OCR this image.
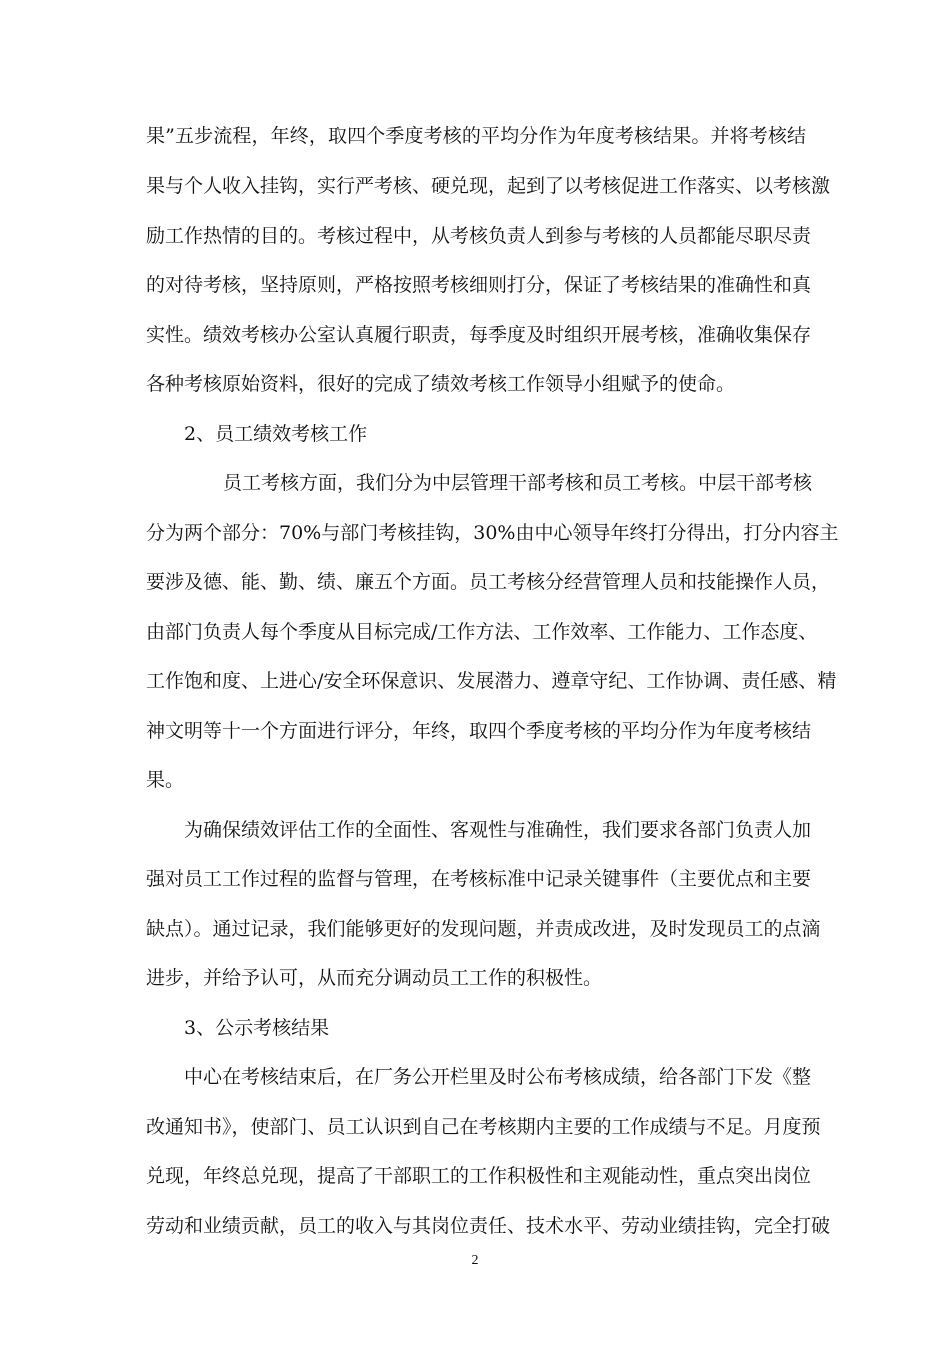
果”五步流程，年终，取四个季度考核的平均分作为年度考核结果。并将考核结
果与个人收入挂钩，实行严考核、硬兑现，起到了以考核促进工作落实、以考核激
励工作热情的目的。考核过程中，从考核负责人到参与考核的人员都能尽职尽责
的对待考核，坚持原则，严格按照考核细则打分，保证了考核结果的准确性和真
实性。绩效考核办公室认真履行职责，每季度及时组织开展考核，准确收集保存
各种考核原始资料，很好的完成了绩效考核工作领导小组赋予的使命。
2、员工绩效考核工作
员工考核方面，我们分为中层管理干部考核和员工考核。中层干部考核
分为两个部分：70%与部门考核挂钩，30%由中心领导年终打分得出，打分内容主
要涉及德、能、勤、绩、廉五个方面。员工考核分经营管理人员和技能操作人员，
由部门负责人每个季度从目标完成/工作方法、工作效率、工作能力、工作态度、
工作饱和度、上进心/安全环保意识、发展潜力、遵章守纪、工作协调、责任感、精
神文明等十一个方面进行评分，年终，取四个季度考核的平均分作为年度考核结
果。
为确保绩效评估工作的全面性、客观性与准确性，我们要求各部门负责人加
强对员工工作过程的监督与管理，在考核标准中记录关键事件（主要优点和主要
缺点）。通过记录，我们能够更好的发现问题，并责成改进，及时发现员工的点滴
进步，并给予认可，从而充分调动员工工作的积极性。
3、公示考核结果
中心在考核结束后，在厂务公开栏里及时公布考核成绩，给各部门下发《整
改通知书》，使部门、员工认识到自己在考核期内主要的工作成绩与不足。月度预
兑现，年终总兑现，提高了干部职工的工作积极性和主观能动性，重点突出岗位
劳动和业绩贡献，员工的收入与其岗位责任、技术水平、劳动业绩挂钩，完全打破
2
